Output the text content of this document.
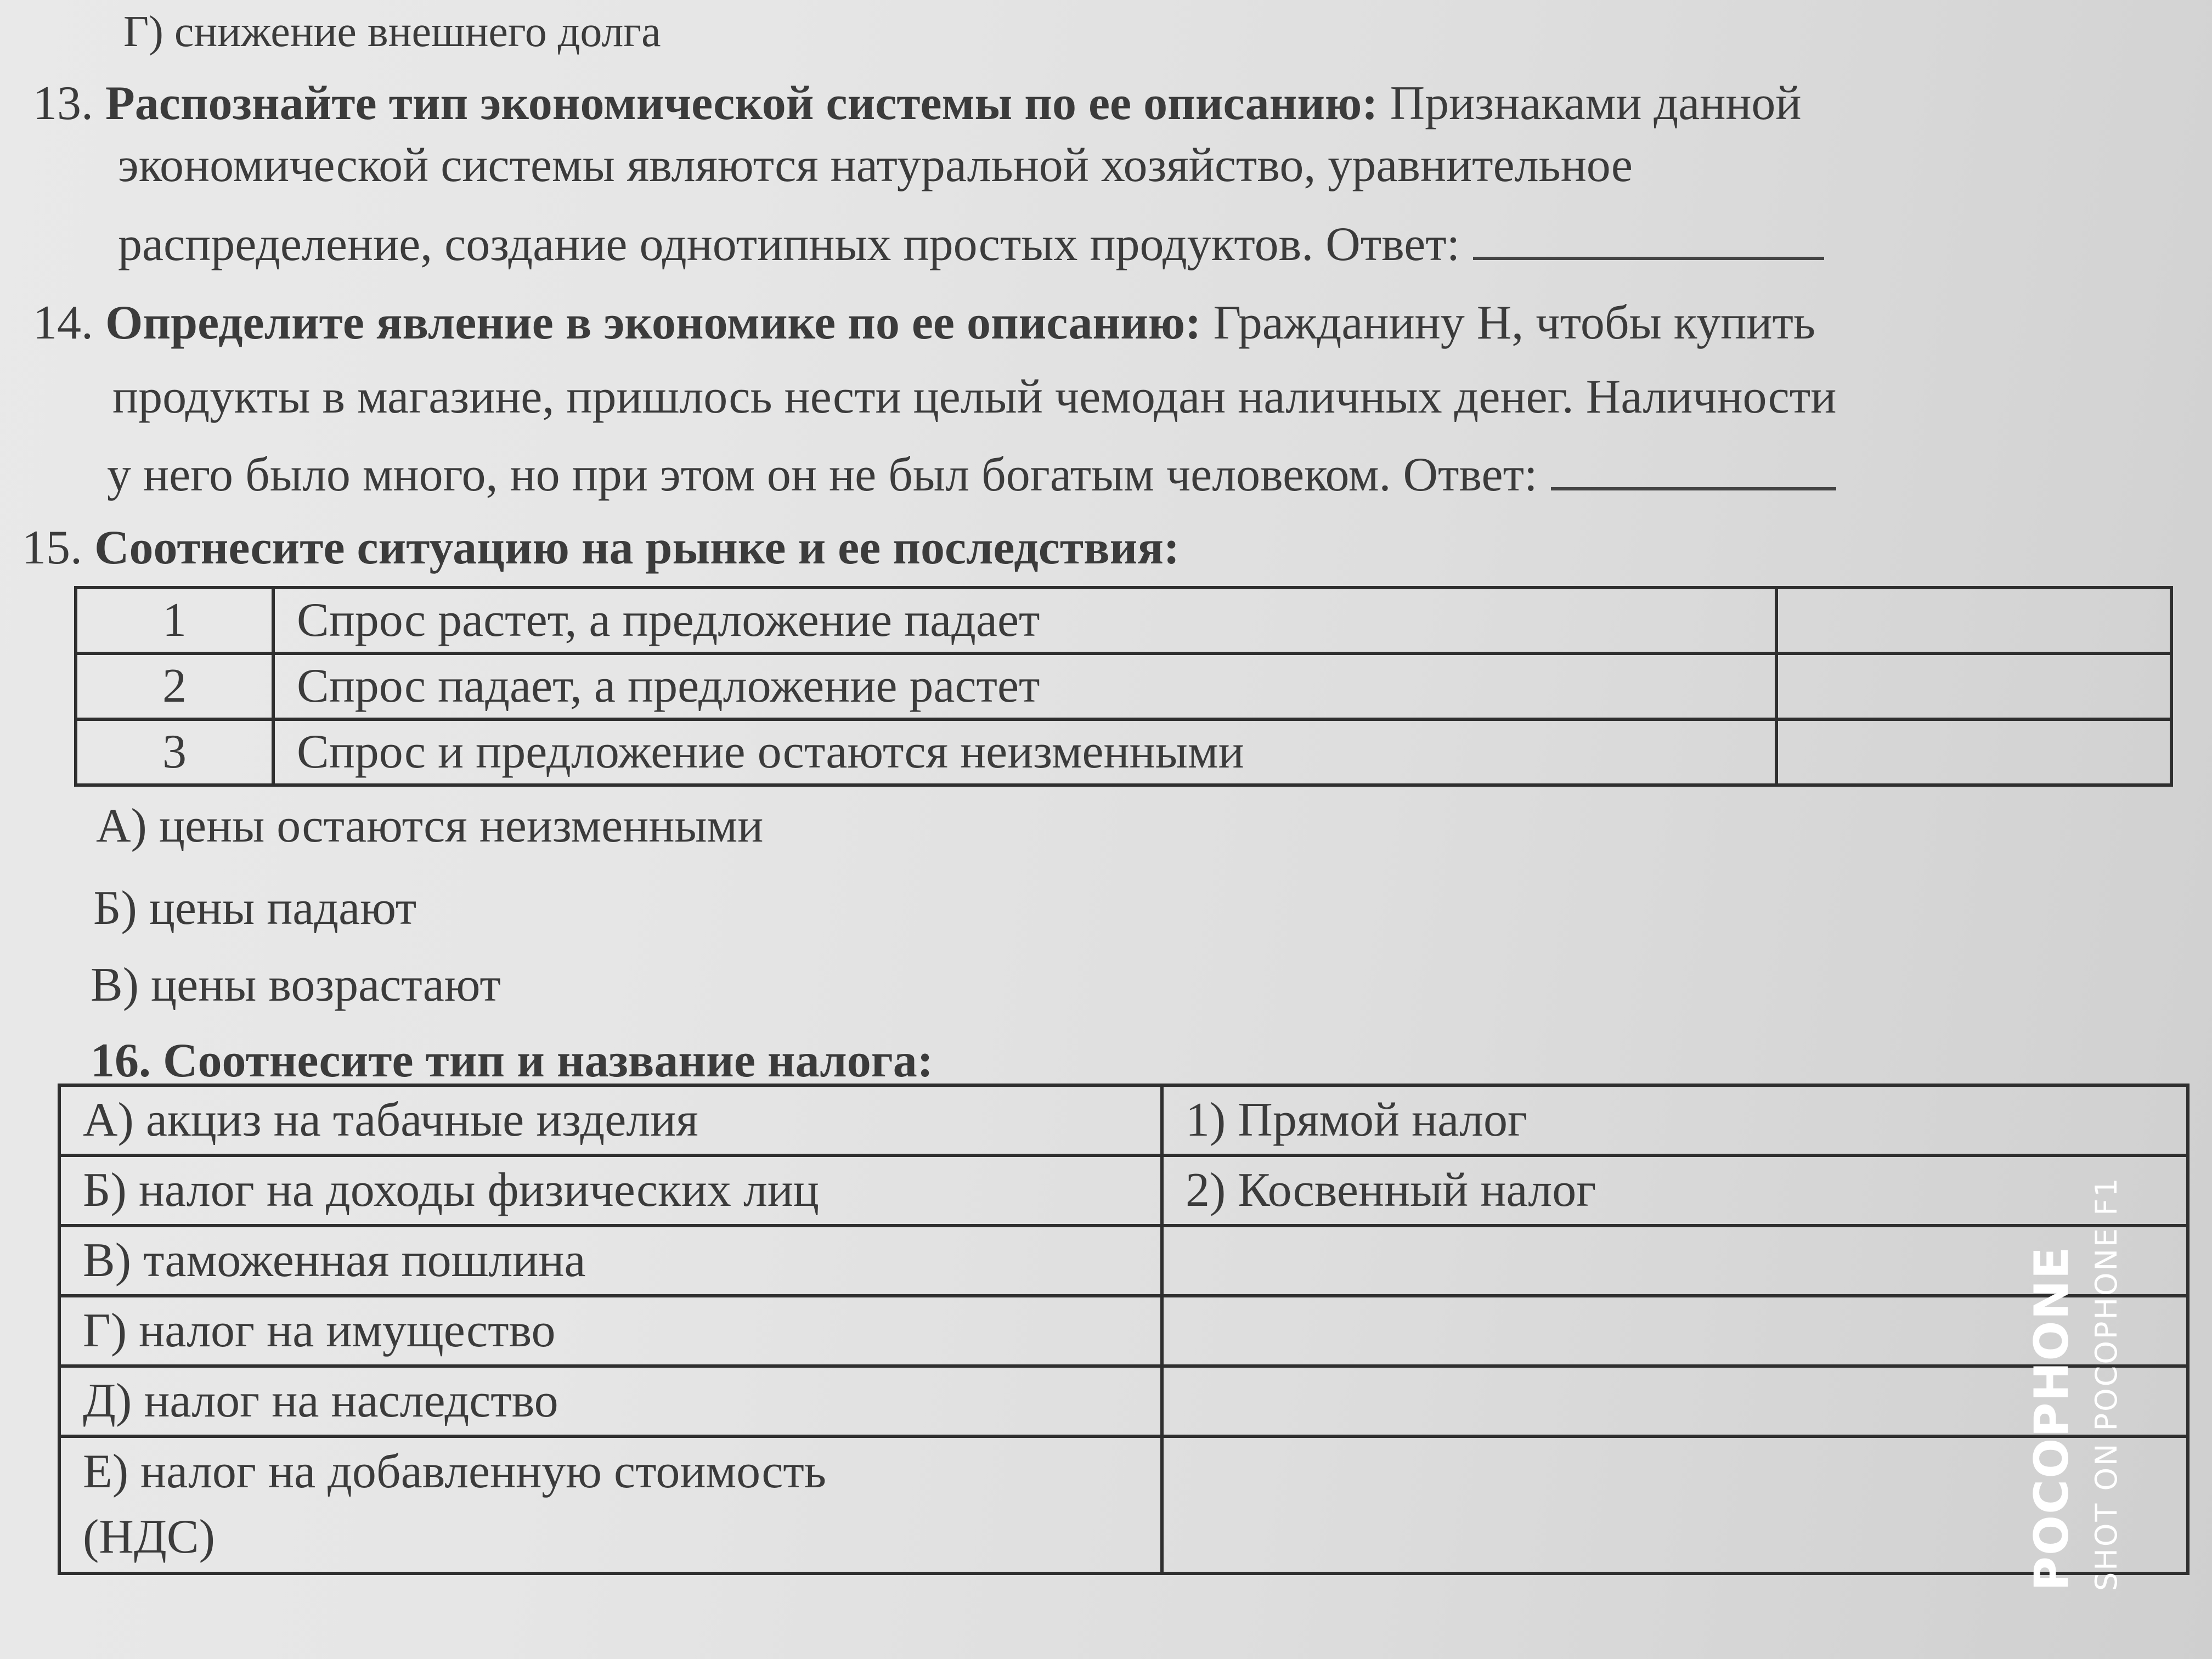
Г) снижение внешнего долга
13. Распознайте тип экономической системы по ее описанию: Признаками данной
экономической системы являются натуральной хозяйство, уравнительное
распределение, создание однотипных простых продуктов. Ответ:
14. Определите явление в экономике по ее описанию: Гражданину Н, чтобы купить
продукты в магазине, пришлось нести целый чемодан наличных денег. Наличности
у него было много, но при этом он не был богатым человеком. Ответ:
15. Соотнесите ситуацию на рынке и ее последствия:
1	Спрос растет, а предложение падает	
2	Спрос падает, а предложение растет	
3	Спрос и предложение остаются неизменными	
А) цены остаются неизменными
Б) цены падают
В) цены возрастают
16. Соотнесите тип и название налога:
А) акциз на табачные изделия	1) Прямой налог
Б) налог на доходы физических лиц	2) Косвенный налог
В) таможенная пошлина	
Г) налог на имущество	
Д) налог на наследство	

Е) налог на добавленную стоимость
(НДС)	
		POCOPHONE SHOT ON POCOPHONE F1
